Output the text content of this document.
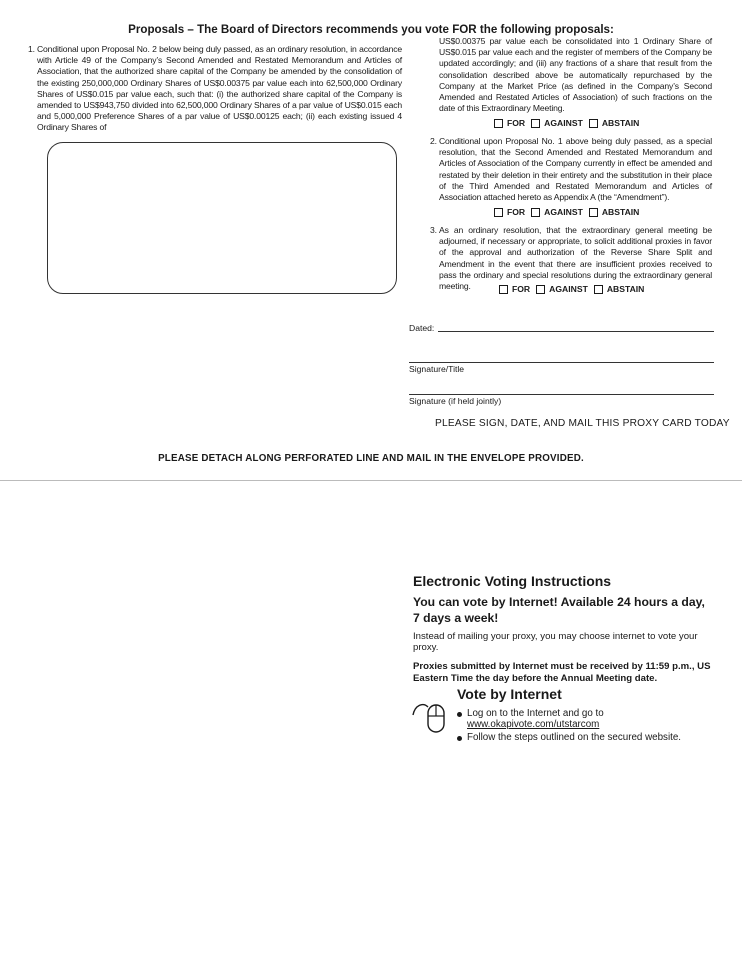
Proposals – The Board of Directors recommends you vote FOR the following proposals:
1. Conditional upon Proposal No. 2 below being duly passed, as an ordinary resolution, in accordance with Article 49 of the Company’s Second Amended and Restated Memorandum and Articles of Association, that the authorized share capital of the Company be amended by the consolidation of the existing 250,000,000 Ordinary Shares of US$0.00375 par value each into 62,500,000 Ordinary Shares of US$0.015 par value each, such that: (i) the authorized share capital of the Company is amended to US$943,750 divided into 62,500,000 Ordinary Shares of a par value of US$0.015 each and 5,000,000 Preference Shares of a par value of US$0.00125 each; (ii) each existing issued 4 Ordinary Shares of
US$0.00375 par value each be consolidated into 1 Ordinary Share of US$0.015 par value each and the register of members of the Company be updated accordingly; and (iii) any fractions of a share that result from the consolidation described above be automatically repurchased by the Company at the Market Price (as defined in the Company’s Second Amended and Restated Articles of Association) of such fractions on the date of this Extraordinary Meeting.
FOR AGAINST ABSTAIN
2. Conditional upon Proposal No. 1 above being duly passed, as a special resolution, that the Second Amended and Restated Memorandum and Articles of Association of the Company currently in effect be amended and restated by their deletion in their entirety and the substitution in their place of the Third Amended and Restated Memorandum and Articles of Association attached hereto as Appendix A (the “Amendment”).
FOR AGAINST ABSTAIN
3. As an ordinary resolution, that the extraordinary general meeting be adjourned, if necessary or appropriate, to solicit additional proxies in favor of the approval and authorization of the Reverse Share Split and Amendment in the event that there are insufficient proxies received to pass the ordinary and special resolutions during the extraordinary general meeting.	FOR AGAINST ABSTAIN
Dated:
Signature/Title
Signature (if held jointly)
PLEASE SIGN, DATE, AND MAIL THIS PROXY CARD TODAY
PLEASE DETACH ALONG PERFORATED LINE AND MAIL IN THE ENVELOPE PROVIDED.
Electronic Voting Instructions
You can vote by Internet! Available 24 hours a day, 7 days a week!
Instead of mailing your proxy, you may choose internet to vote your proxy.
Proxies submitted by Internet must be received by 11:59 p.m., US Eastern Time the day before the Annual Meeting date.
Vote by Internet
Log on to the Internet and go to
www.okapivote.com/utstarcom
Follow the steps outlined on the secured website.
